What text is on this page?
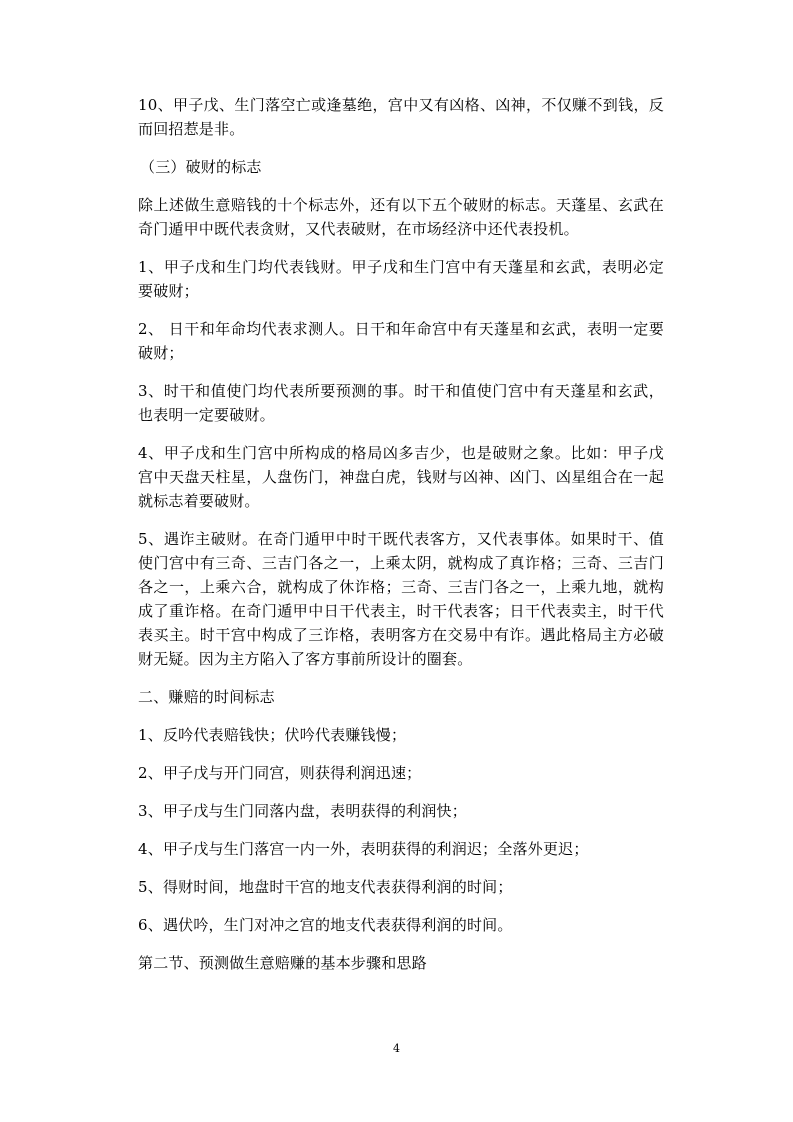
10、甲子戊、生门落空亡或逢墓绝，宫中又有凶格、凶神，不仅赚不到钱，反而回招惹是非。

（三）破财的标志

除上述做生意赔钱的十个标志外，还有以下五个破财的标志。天蓬星、玄武在奇门遁甲中既代表贪财，又代表破财，在市场经济中还代表投机。

1、甲子戊和生门均代表钱财。甲子戊和生门宫中有天蓬星和玄武，表明必定要破财；

2、 日干和年命均代表求测人。日干和年命宫中有天蓬星和玄武，表明一定要破财；

3、时干和值使门均代表所要预测的事。时干和值使门宫中有天蓬星和玄武，也表明一定要破财。

4、甲子戊和生门宫中所构成的格局凶多吉少，也是破财之象。比如：甲子戊宫中天盘天柱星，人盘伤门，神盘白虎，钱财与凶神、凶门、凶星组合在一起就标志着要破财。

5、遇诈主破财。在奇门遁甲中时干既代表客方，又代表事体。如果时干、值使门宫中有三奇、三吉门各之一，上乘太阴，就构成了真诈格；三奇、三吉门各之一，上乘六合，就构成了休诈格；三奇、三吉门各之一，上乘九地，就构成了重诈格。在奇门遁甲中日干代表主，时干代表客；日干代表卖主，时干代表买主。时干宫中构成了三诈格，表明客方在交易中有诈。遇此格局主方必破财无疑。因为主方陷入了客方事前所设计的圈套。

二、赚赔的时间标志

1、反吟代表赔钱快；伏吟代表赚钱慢；

2、甲子戊与开门同宫，则获得利润迅速；

3、甲子戊与生门同落内盘，表明获得的利润快；

4、甲子戊与生门落宫一内一外，表明获得的利润迟；全落外更迟；

5、得财时间，地盘时干宫的地支代表获得利润的时间；

6、遇伏吟，生门对冲之宫的地支代表获得利润的时间。

第二节、预测做生意赔赚的基本步骤和思路

4
